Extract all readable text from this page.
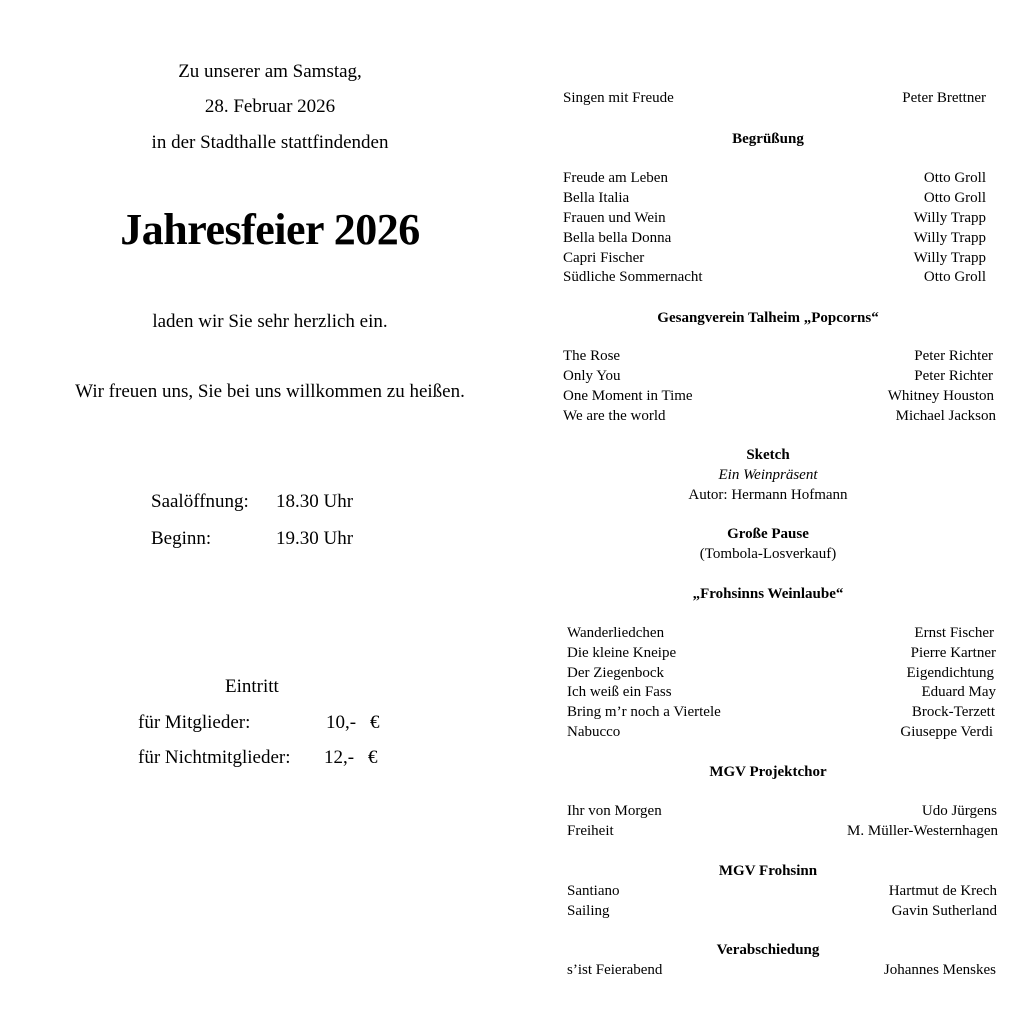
Zu unserer am Samstag,
28. Februar 2026
in der Stadthalle stattfindenden
Jahresfeier 2026
laden wir Sie sehr herzlich ein.
Wir freuen uns, Sie bei uns willkommen zu heißen.
Saalöffnung: 18.30 Uhr
Beginn:	19.30 Uhr
Eintritt
für Mitglieder:	10,- €
für Nichtmitglieder: 12,- €
Singen mit Freude	Peter Brettner
Begrüßung
Freude am Leben	Otto Groll
Bella Italia	Otto Groll
Frauen und Wein	Willy Trapp
Bella bella Donna	Willy Trapp
Capri Fischer	Willy Trapp
Südliche Sommernacht	Otto Groll
Gesangverein Talheim „Popcorns“
The Rose	Peter Richter
Only You	Peter Richter
One Moment in Time	Whitney Houston
We are the world	Michael Jackson
Sketch
Ein Weinpräsent
Autor: Hermann Hofmann
Große Pause
(Tombola-Losverkauf)
„Frohsinns Weinlaube“
Wanderliedchen	Ernst Fischer
Die kleine Kneipe	Pierre Kartner
Der Ziegenbock	Eigendichtung
Ich weiß ein Fass	Eduard May
Bring m’r noch a Viertele	Brock-Terzett
Nabucco	Giuseppe Verdi
MGV Projektchor
Ihr von Morgen	Udo Jürgens
Freiheit	M. Müller-Westernhagen
MGV Frohsinn
Santiano	Hartmut de Krech
Sailing	Gavin Sutherland
Verabschiedung
s’ist Feierabend	Johannes Menskes
